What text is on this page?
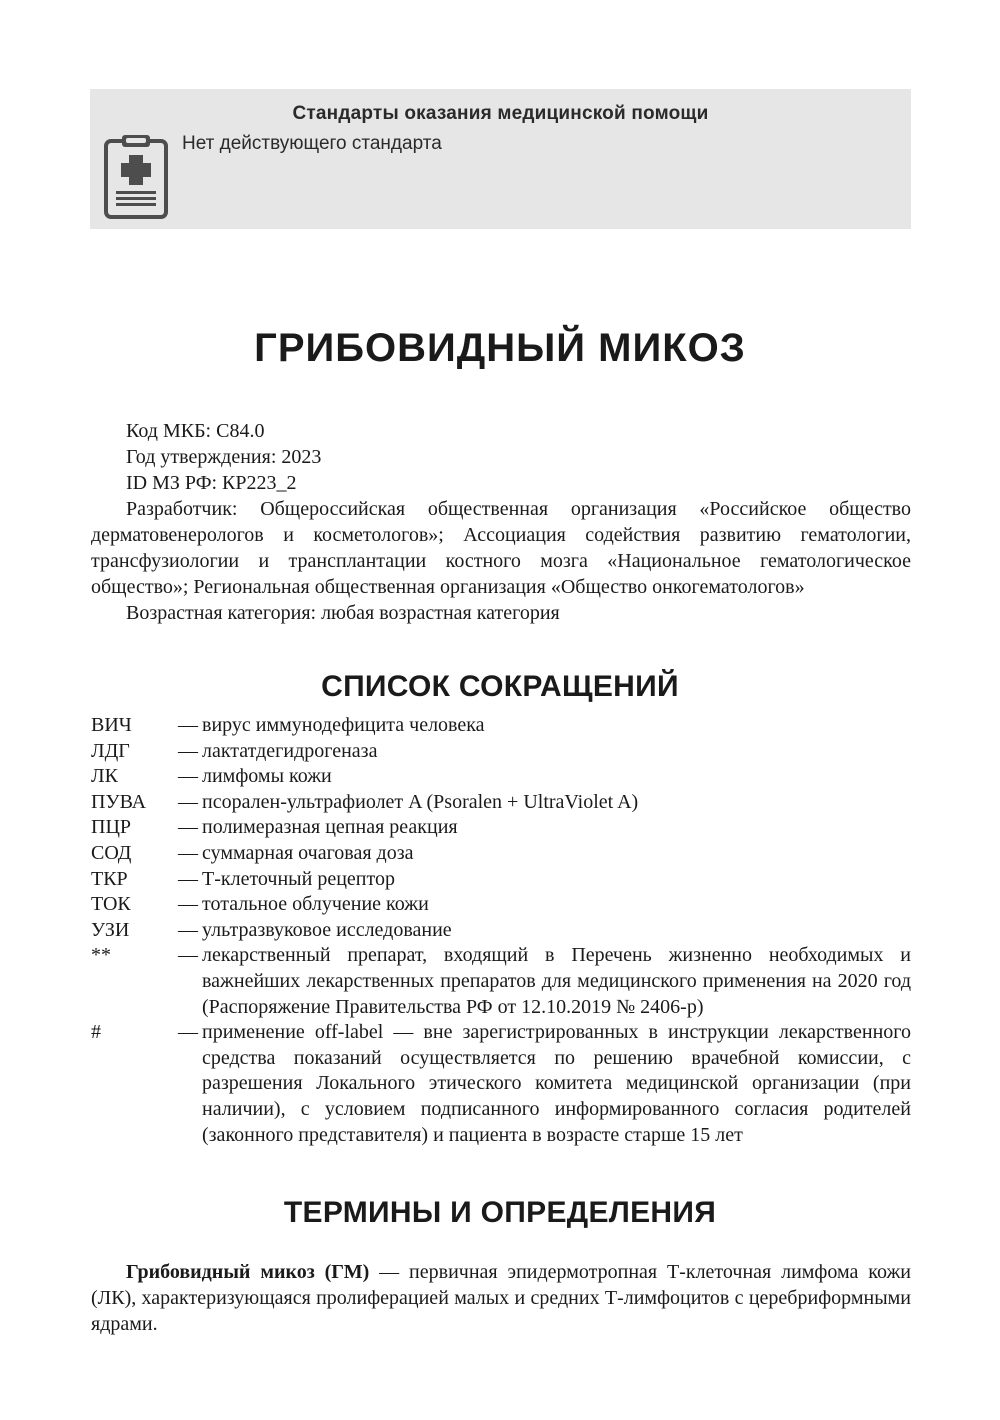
Стандарты оказания медицинской помощи
Нет действующего стандарта
ГРИБОВИДНЫЙ МИКОЗ

Код МКБ: C84.0

Год утверждения: 2023

ID МЗ РФ: КР223_2

Разработчик: Общероссийская общественная организация «Российское общество дерматовенерологов и косметологов»; Ассоциация содействия развитию гематологии, трансфузиологии и трансплантации костного мозга «Национальное гематологическое общество»; Региональная общественная организация «Общество онкогематологов»

Возрастная категория: любая возрастная категория

СПИСОК СОКРАЩЕНИЙ
ВИЧ	— вирус иммунодефицита человека
ЛДГ	— лактатдегидрогеназа
ЛК	— лимфомы кожи
ПУВА	— псорален-ультрафиолет A (Psoralen + UltraViolet A)
ПЦР	— полимеразная цепная реакция
СОД	— суммарная очаговая доза
ТКР	— Т-клеточный рецептор
ТОК	— тотальное облучение кожи
УЗИ	— ультразвуковое исследование
**	— лекарственный препарат, входящий в Перечень жизненно необходимых и важнейших лекарственных препаратов для медицинского применения на 2020 год (Распоряжение Правительства РФ от 12.10.2019 № 2406-р)
#	— применение off-label — вне зарегистрированных в инструкции лекарственного средства показаний осуществляется по решению врачебной комиссии, с разрешения Локального этического комитета медицинской организации (при наличии), с условием подписанного информированного согласия родителей (законного представителя) и пациента в возрасте старше 15 лет
ТЕРМИНЫ И ОПРЕДЕЛЕНИЯ

Грибовидный микоз (ГМ) — первичная эпидермотропная Т-клеточная лимфома кожи (ЛК), характеризующаяся пролиферацией малых и средних Т-лимфоцитов с церебриформными ядрами.
